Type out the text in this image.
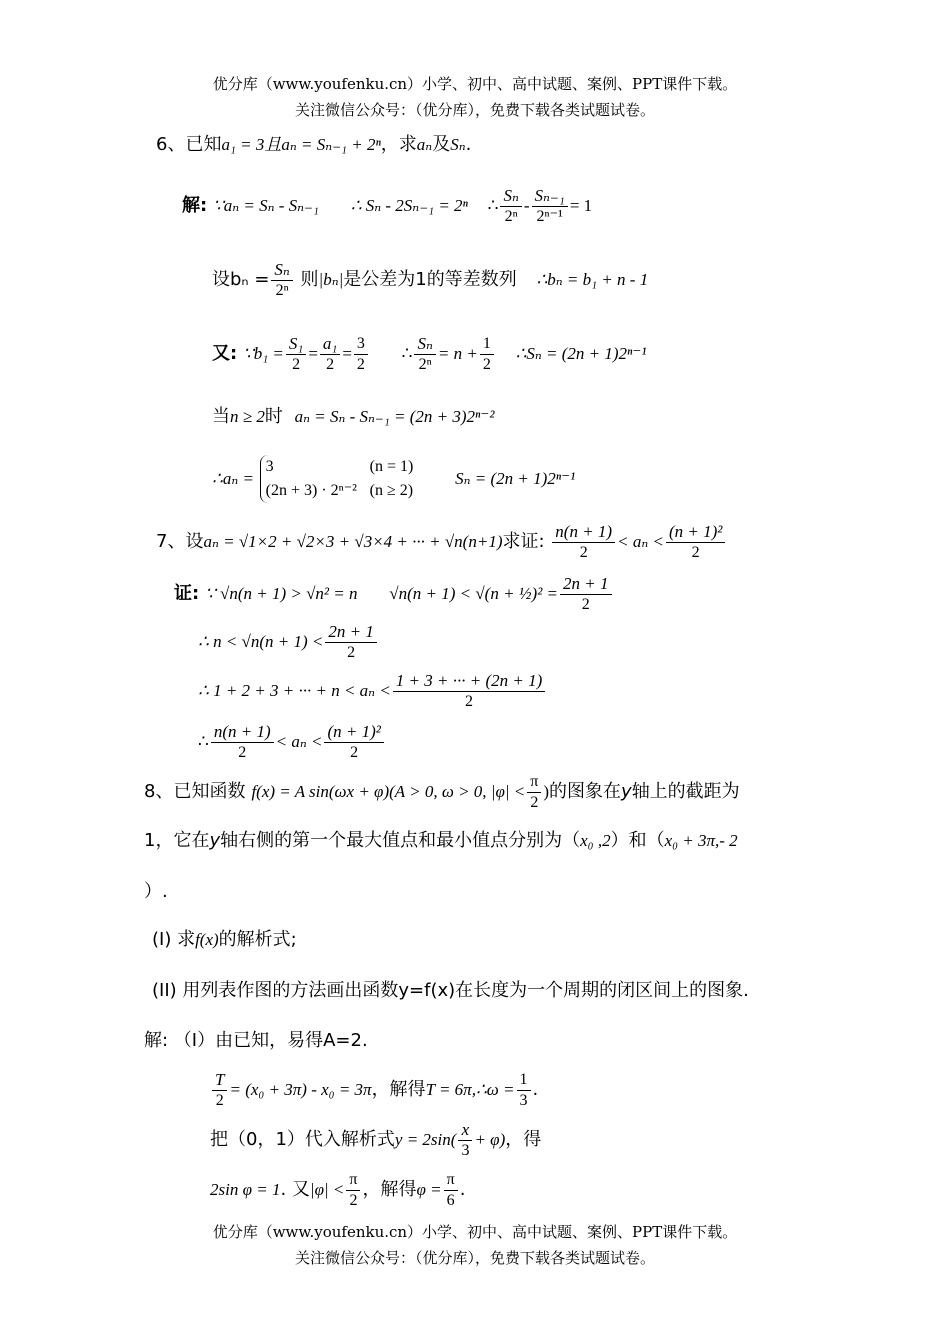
优分库（www.youfenku.cn）小学、初中、高中试题、案例、PPT课件下载。
关注微信公众号：（优分库），免费下载各类试题试卷。
6、已知a₁ = 3且aₙ = Sₙ₋₁ + 2ⁿ，求aₙ及Sₙ.
解: ∵aₙ = Sₙ - Sₙ₋₁ ∴ Sₙ - 2Sₙ₋₁ = 2ⁿ ∴ $\frac{\text{Sₙ}}{\text{2ⁿ}} - \frac{\text{Sₙ₋₁}}{\text{2ⁿ⁻¹}} = 1$
设$b_n = \frac{\text{Sₙ}}{\text{2ⁿ}}$ 则|bₙ|是公差为1的等差数列 ∴bₙ = b₁ + n - 1
又: ∵b₁ = $\frac{\text{S₁}}{2} = \frac{\text{a₁}}{2} = \frac{3}{2}$ ∴ $\frac{\text{Sₙ}}{\text{2ⁿ}} = n + \frac{1}{2}$ ∴Sₙ = (2n + 1)2ⁿ⁻¹
当n ≥ 2时 aₙ = Sₙ - Sₙ₋₁ = (2n + 3)2ⁿ⁻²
∴aₙ = 3	(n = 1)
(2n + 3) · 2ⁿ⁻² (n ≥ 2) Sₙ = (2n + 1)2ⁿ⁻¹
7、设aₙ = √1×2 + √2×3 + √3×4 + ··· + √n(n+1)求证: $\frac{n(n + 1)}{2} < a_n < \frac{\text{(n + 1)²}}{2}$
证: ∵ √n(n + 1) > √n² = n √n(n + 1) < √(n + ½)² = $\frac{2n + 1}{2}$
∴ $n < √n(n + 1) < \frac{2n + 1}{2}$
∴ 1 + 2 + 3 + ··· + $n < a_n < \frac{1 + 3 + \cdot\cdot\cdot + (2n + 1)}{2}$
∴ $\frac{n(n + 1)}{2} < a_n < \frac{\text{(n + 1)²}}{2}$
8、已知函数 f(x) = A sin(ωx + φ)(A > 0, ω > 0, $|\varphi| < \frac{\pi}{2}$ )的图象在y轴上的截距为
1，它在y轴右侧的第一个最大值点和最小值点分别为（x₀ ,2）和（x₀ + 3π,- 2
）.
(I) 求f(x)的解析式;
(II) 用列表作图的方法画出函数y=f(x)在长度为一个周期的闭区间上的图象.
解: （I）由已知，易得A=2.
$\frac{T}{2} = (x_0 + 3\pi) - x_0 = 3\pi$，解得T = 6π,∴ω = $\frac{1}{3}$ .
把（0，1）代入解析式$y = 2\sin( \frac{x}{3} + \varphi)$，得
2sin φ = 1. 又$|\varphi| < \frac{\pi}{2}$ ，解得$\varphi = \frac{\pi}{6}$ .
优分库（www.youfenku.cn）小学、初中、高中试题、案例、PPT课件下载。
关注微信公众号：（优分库），免费下载各类试题试卷。
